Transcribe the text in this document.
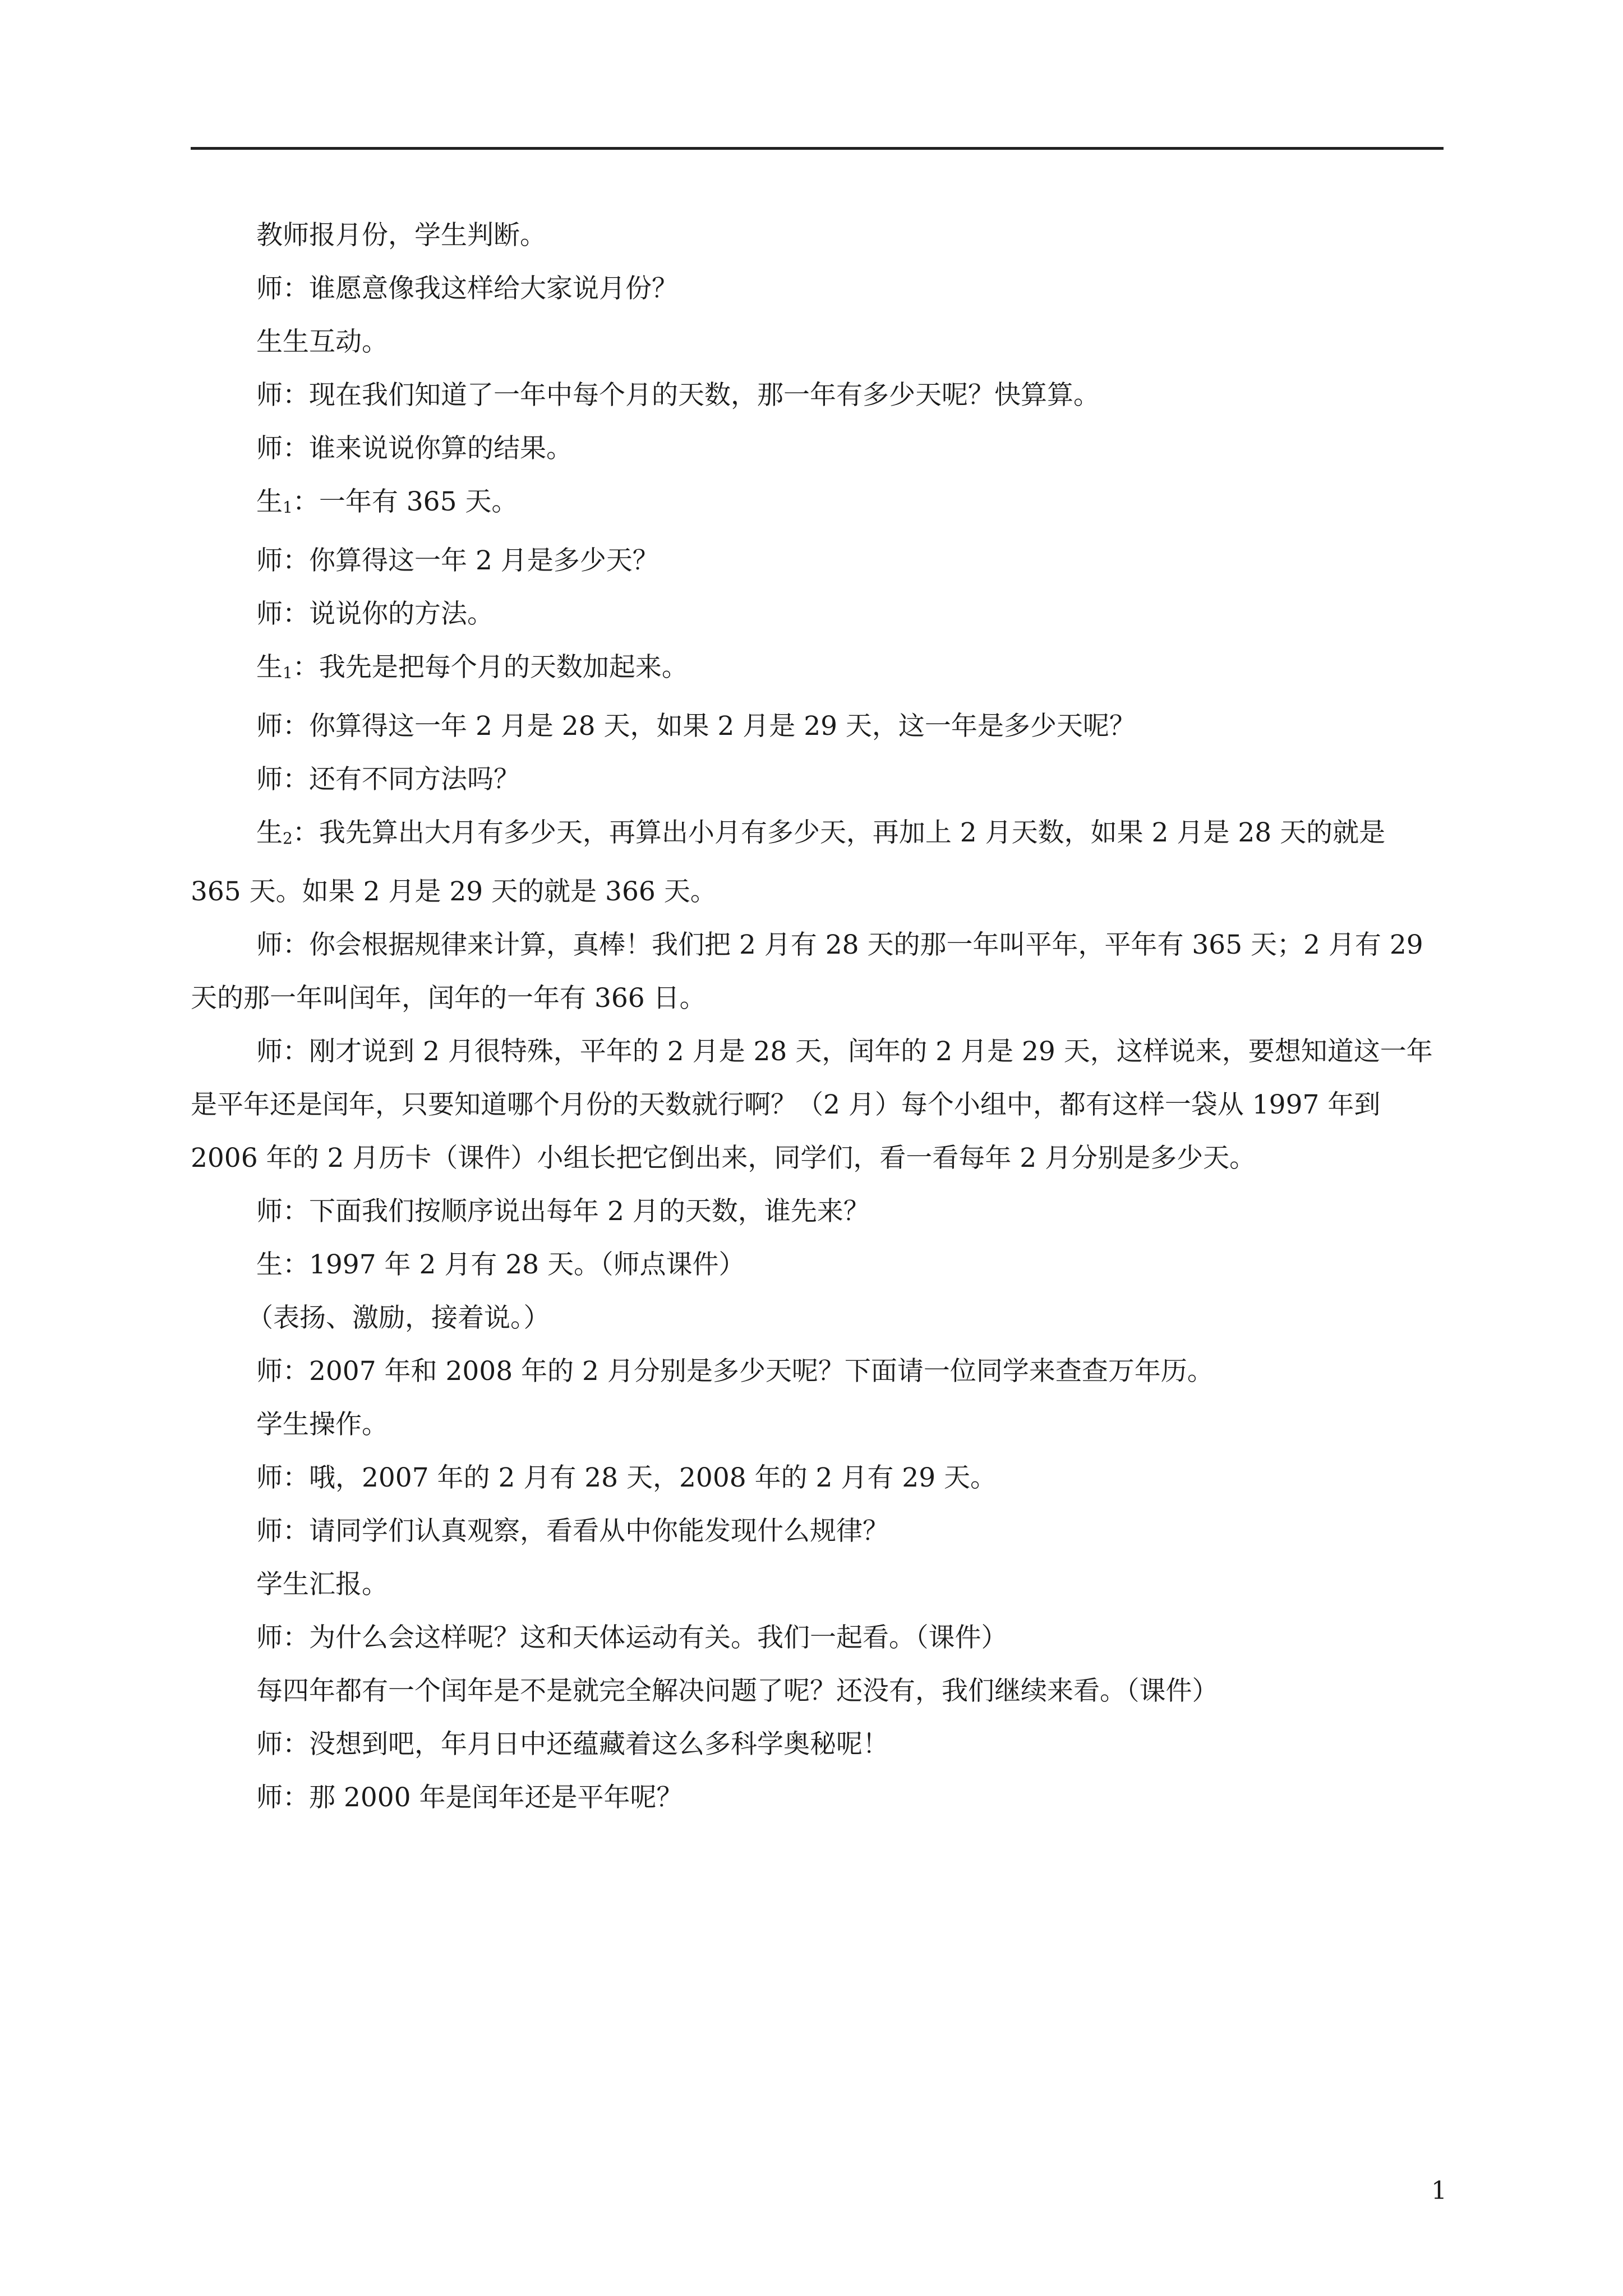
教师报月份，学生判断。

师：谁愿意像我这样给大家说月份？

生生互动。

师：现在我们知道了一年中每个月的天数，那一年有多少天呢？快算算。

师：谁来说说你算的结果。

生$_1$：一年有 365 天。

师：你算得这一年 2 月是多少天？

师：说说你的方法。

生$_1$：我先是把每个月的天数加起来。

师：你算得这一年 2 月是 28 天，如果 2 月是 29 天，这一年是多少天呢？

师：还有不同方法吗？

生$_2$：我先算出大月有多少天，再算出小月有多少天，再加上 2 月天数，如果 2 月是 28 天的就是 365 天。如果 2 月是 29 天的就是 366 天。

师：你会根据规律来计算，真棒！我们把 2 月有 28 天的那一年叫平年，平年有 365 天；2 月有 29 天的那一年叫闰年，闰年的一年有 366 日。

师：刚才说到 2 月很特殊，平年的 2 月是 28 天，闰年的 2 月是 29 天，这样说来，要想知道这一年是平年还是闰年，只要知道哪个月份的天数就行啊？（2 月）每个小组中，都有这样一袋从 1997 年到 2006 年的 2 月历卡（课件）小组长把它倒出来，同学们，看一看每年 2 月分别是多少天。

师：下面我们按顺序说出每年 2 月的天数，谁先来？

生：1997 年 2 月有 28 天。（师点课件）

（表扬、激励，接着说。）

师：2007 年和 2008 年的 2 月分别是多少天呢？下面请一位同学来查查万年历。

学生操作。

师：哦，2007 年的 2 月有 28 天，2008 年的 2 月有 29 天。

师：请同学们认真观察，看看从中你能发现什么规律？

学生汇报。

师：为什么会这样呢？这和天体运动有关。我们一起看。（课件）

每四年都有一个闰年是不是就完全解决问题了呢？还没有，我们继续来看。（课件）

师：没想到吧，年月日中还蕴藏着这么多科学奥秘呢！

师：那 2000 年是闰年还是平年呢？

1
